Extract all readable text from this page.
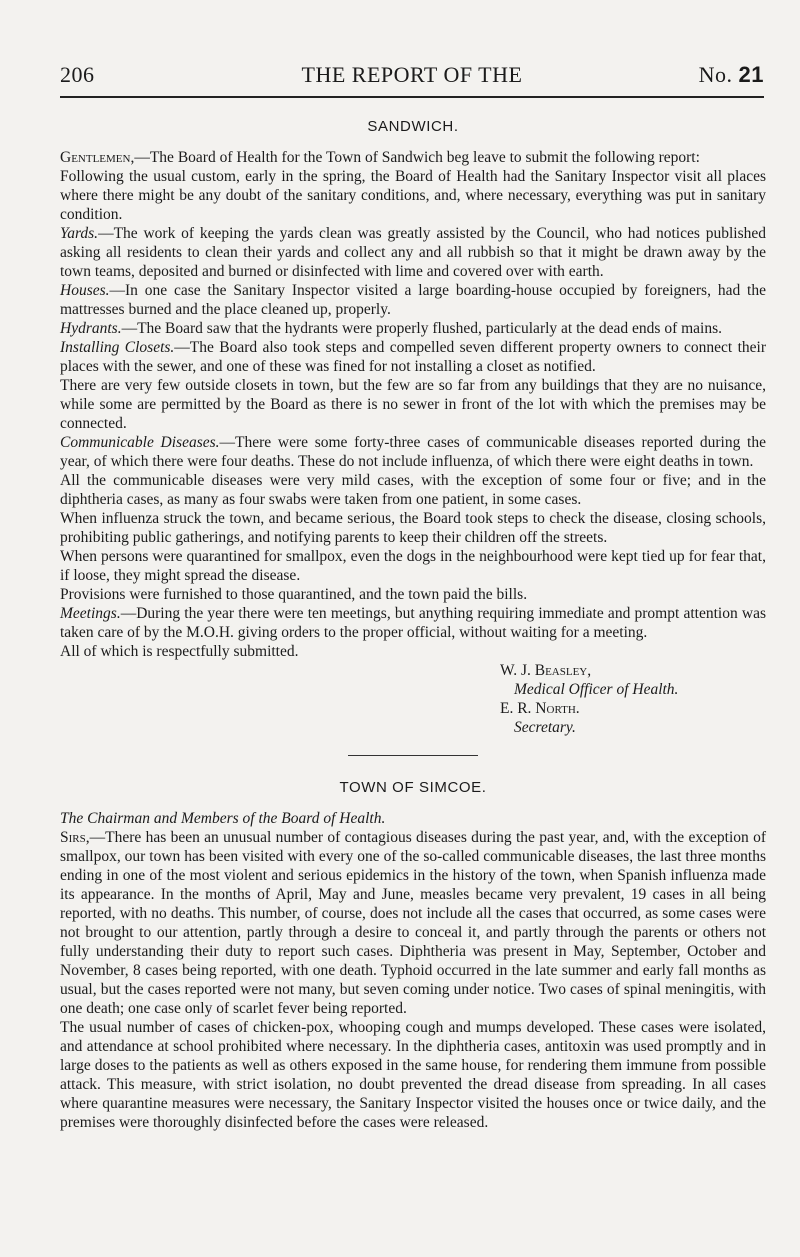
206	THE REPORT OF THE	No. 21
SANDWICH.

Gentlemen,—The Board of Health for the Town of Sandwich beg leave to submit the following report:

Following the usual custom, early in the spring, the Board of Health had the Sanitary Inspector visit all places where there might be any doubt of the sanitary conditions, and, where necessary, everything was put in sanitary condition.

Yards.—The work of keeping the yards clean was greatly assisted by the Council, who had notices published asking all residents to clean their yards and collect any and all rubbish so that it might be drawn away by the town teams, deposited and burned or disinfected with lime and covered over with earth.

Houses.—In one case the Sanitary Inspector visited a large boarding-house occupied by foreigners, had the mattresses burned and the place cleaned up, properly.

Hydrants.—The Board saw that the hydrants were properly flushed, particularly at the dead ends of mains.

Installing Closets.—The Board also took steps and compelled seven different property owners to connect their places with the sewer, and one of these was fined for not installing a closet as notified.

There are very few outside closets in town, but the few are so far from any buildings that they are no nuisance, while some are permitted by the Board as there is no sewer in front of the lot with which the premises may be connected.

Communicable Diseases.—There were some forty-three cases of communicable diseases reported during the year, of which there were four deaths. These do not include influenza, of which there were eight deaths in town.

All the communicable diseases were very mild cases, with the exception of some four or five; and in the diphtheria cases, as many as four swabs were taken from one patient, in some cases.

When influenza struck the town, and became serious, the Board took steps to check the disease, closing schools, prohibiting public gatherings, and notifying parents to keep their children off the streets.

When persons were quarantined for smallpox, even the dogs in the neighbourhood were kept tied up for fear that, if loose, they might spread the disease.

Provisions were furnished to those quarantined, and the town paid the bills.

Meetings.—During the year there were ten meetings, but anything requiring immediate and prompt attention was taken care of by the M.O.H. giving orders to the proper official, without waiting for a meeting.

All of which is respectfully submitted.

W. J. Beasley,
Medical Officer of Health.
E. R. North.
Secretary.
TOWN OF SIMCOE.

The Chairman and Members of the Board of Health.

Sirs,—There has been an unusual number of contagious diseases during the past year, and, with the exception of smallpox, our town has been visited with every one of the so-called communicable diseases, the last three months ending in one of the most violent and serious epidemics in the history of the town, when Spanish influenza made its appearance. In the months of April, May and June, measles became very prevalent, 19 cases in all being reported, with no deaths. This number, of course, does not include all the cases that occurred, as some cases were not brought to our attention, partly through a desire to conceal it, and partly through the parents or others not fully understanding their duty to report such cases. Diphtheria was present in May, September, October and November, 8 cases being reported, with one death. Typhoid occurred in the late summer and early fall months as usual, but the cases reported were not many, but seven coming under notice. Two cases of spinal meningitis, with one death; one case only of scarlet fever being reported.

The usual number of cases of chicken-pox, whooping cough and mumps developed. These cases were isolated, and attendance at school prohibited where necessary. In the diphtheria cases, antitoxin was used promptly and in large doses to the patients as well as others exposed in the same house, for rendering them immune from possible attack. This measure, with strict isolation, no doubt prevented the dread disease from spreading. In all cases where quarantine measures were necessary, the Sanitary Inspector visited the houses once or twice daily, and the premises were thoroughly disinfected before the cases were released.
